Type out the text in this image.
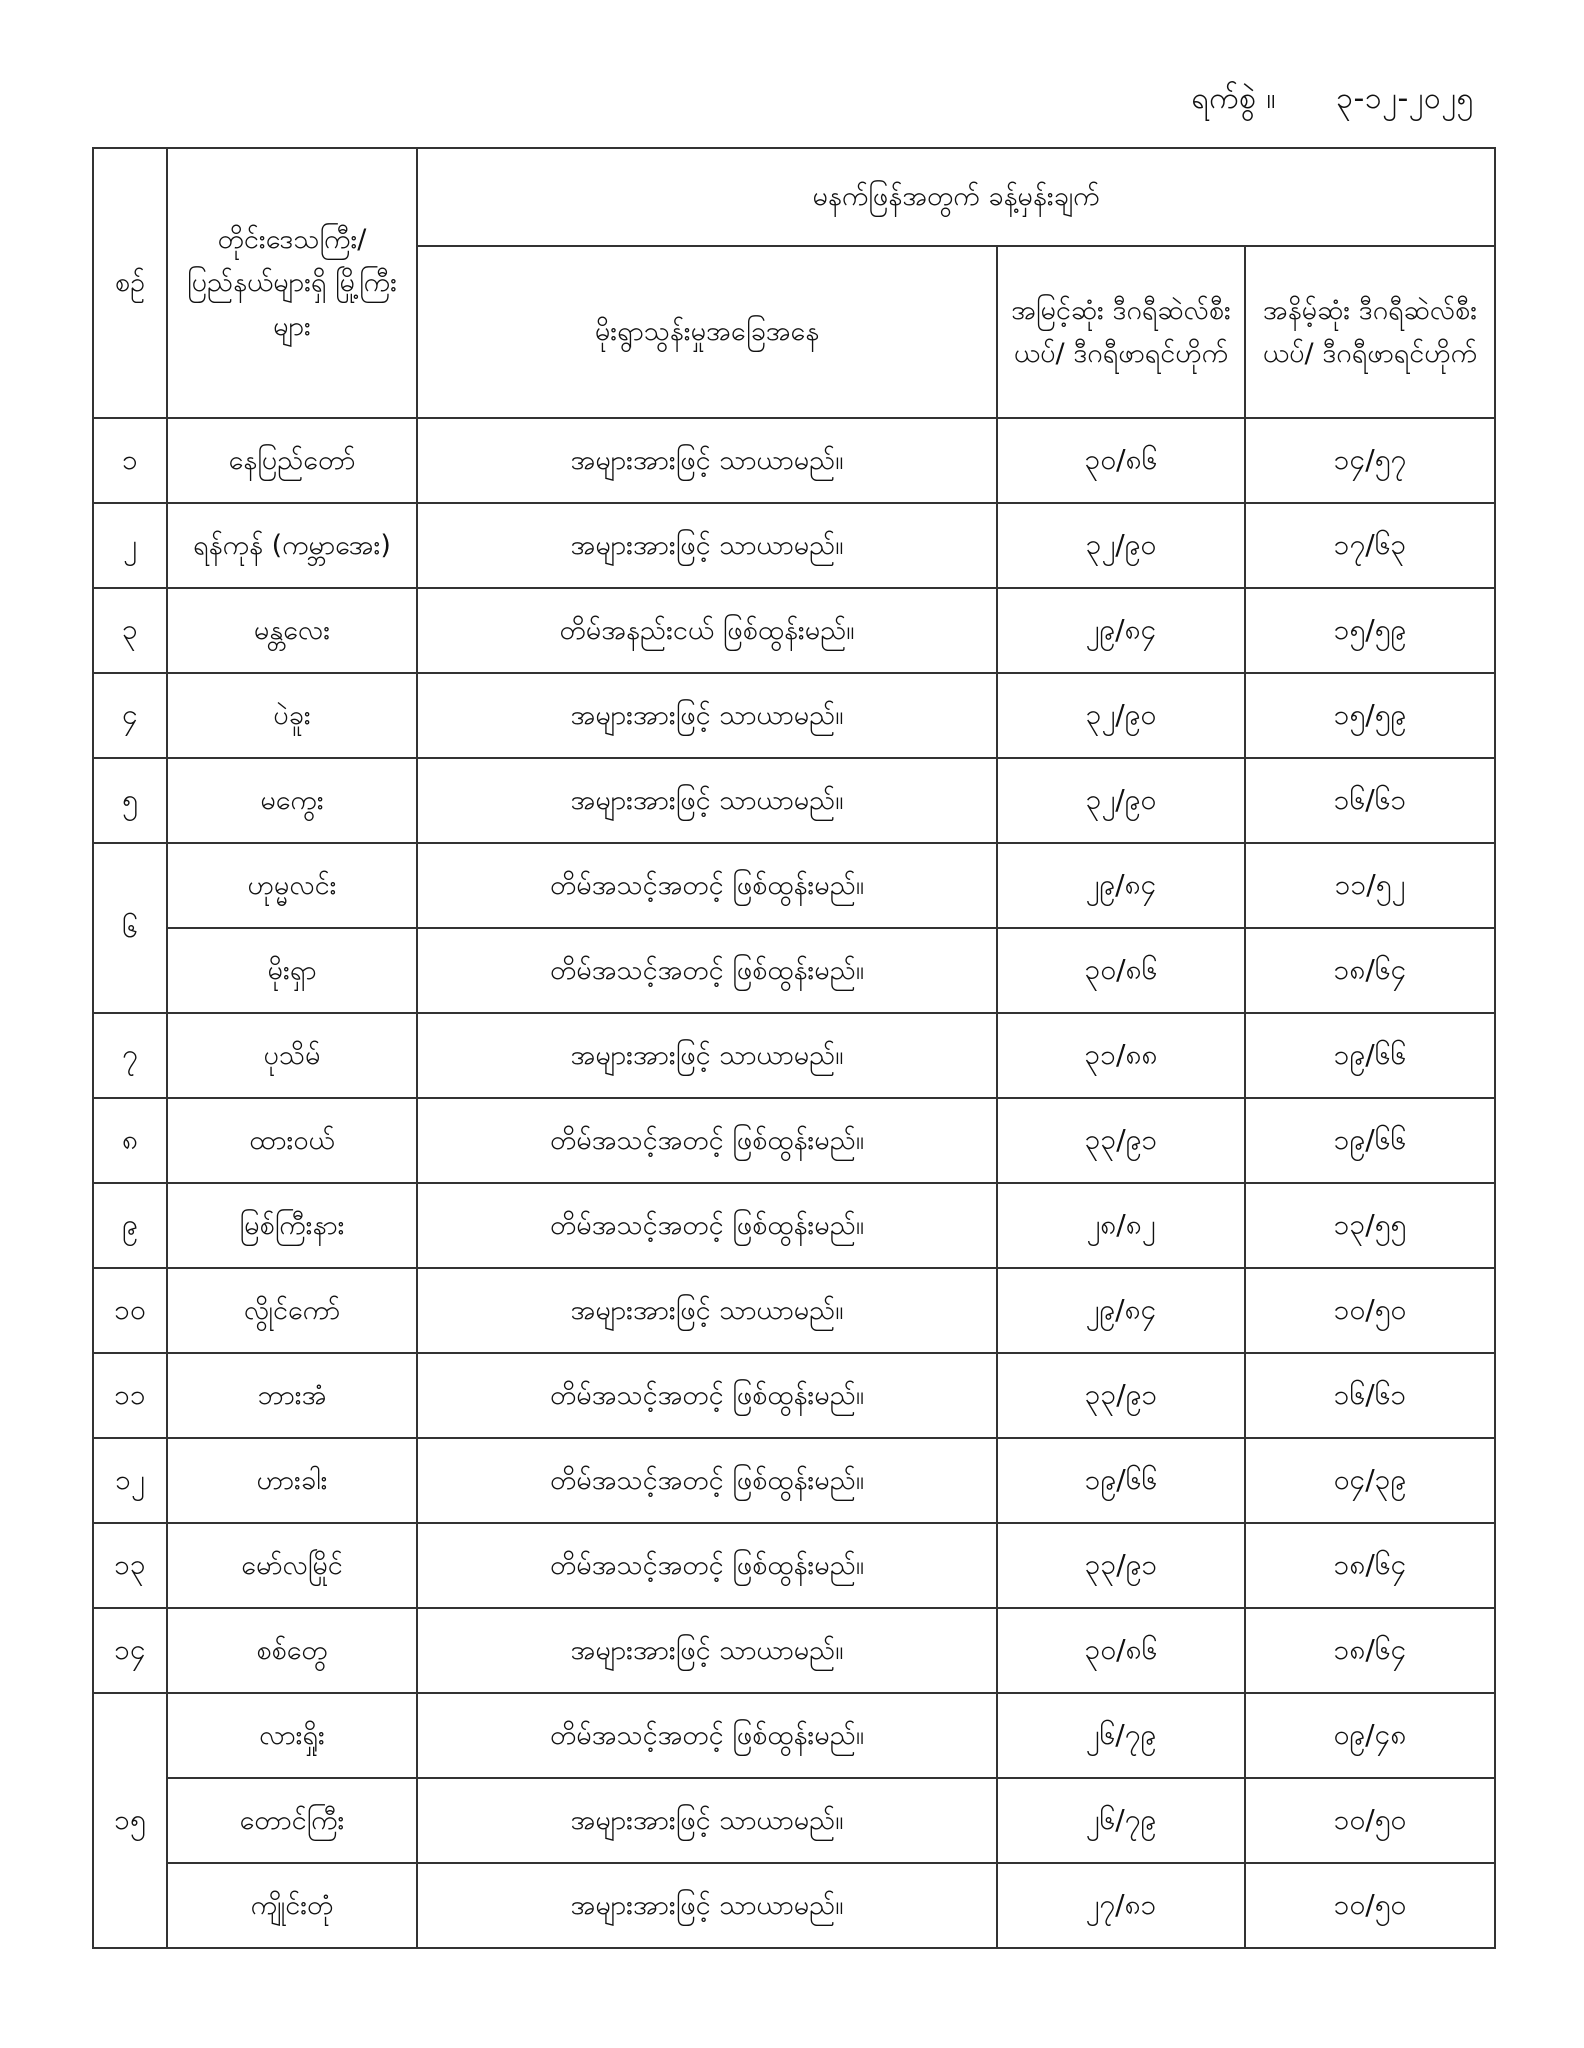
ရက်စွဲ ။ ၃-၁၂-၂၀၂၅
စဉ်	တိုင်းဒေသကြီး/ ပြည်နယ်များရှိ မြို့ကြီးများ	မနက်ဖြန်အတွက် ခန့်မှန်းချက်		
		မိုးရွာသွန်းမှုအခြေအနေ	အမြင့်ဆုံး ဒီဂရီဆဲလ်စီးယပ်/ ဒီဂရီဖာရင်ဟိုက်	အနိမ့်ဆုံး ဒီဂရီဆဲလ်စီးယပ်/ ဒီဂရီဖာရင်ဟိုက်
၁	နေပြည်တော်	အများအားဖြင့် သာယာမည်။	၃၀/၈၆	၁၄/၅၇
၂	ရန်ကုန် (ကမ္ဘာအေး)	အများအားဖြင့် သာယာမည်။	၃၂/၉၀	၁၇/၆၃
၃	မန္တလေး	တိမ်အနည်းငယ် ဖြစ်ထွန်းမည်။	၂၉/၈၄	၁၅/၅၉
၄	ပဲခူး	အများအားဖြင့် သာယာမည်။	၃၂/၉၀	၁၅/၅၉
၅	မကွေး	အများအားဖြင့် သာယာမည်။	၃၂/၉၀	၁၆/၆၁
၆	ဟုမ္မလင်း	တိမ်အသင့်အတင့် ဖြစ်ထွန်းမည်။	၂၉/၈၄	၁၁/၅၂
	မိုးရှာ	တိမ်အသင့်အတင့် ဖြစ်ထွန်းမည်။	၃၀/၈၆	၁၈/၆၄
၇	ပုသိမ်	အများအားဖြင့် သာယာမည်။	၃၁/၈၈	၁၉/၆၆
၈	ထားဝယ်	တိမ်အသင့်အတင့် ဖြစ်ထွန်းမည်။	၃၃/၉၁	၁၉/၆၆
၉	မြစ်ကြီးနား	တိမ်အသင့်အတင့် ဖြစ်ထွန်းမည်။	၂၈/၈၂	၁၃/၅၅
၁၀	လွိုင်ကော်	အများအားဖြင့် သာယာမည်။	၂၉/၈၄	၁၀/၅၀
၁၁	ဘားအံ	တိမ်အသင့်အတင့် ဖြစ်ထွန်းမည်။	၃၃/၉၁	၁၆/၆၁
၁၂	ဟားခါး	တိမ်အသင့်အတင့် ဖြစ်ထွန်းမည်။	၁၉/၆၆	၀၄/၃၉
၁၃	မော်လမြိုင်	တိမ်အသင့်အတင့် ဖြစ်ထွန်းမည်။	၃၃/၉၁	၁၈/၆၄
၁၄	စစ်တွေ	အများအားဖြင့် သာယာမည်။	၃၀/၈၆	၁၈/၆၄
၁၅	လားရှိုး	တိမ်အသင့်အတင့် ဖြစ်ထွန်းမည်။	၂၆/၇၉	၀၉/၄၈
	တောင်ကြီး	အများအားဖြင့် သာယာမည်။	၂၆/၇၉	၁၀/၅၀
	ကျိုင်းတုံ	အများအားဖြင့် သာယာမည်။	၂၇/၈၁	၁၀/၅၀
